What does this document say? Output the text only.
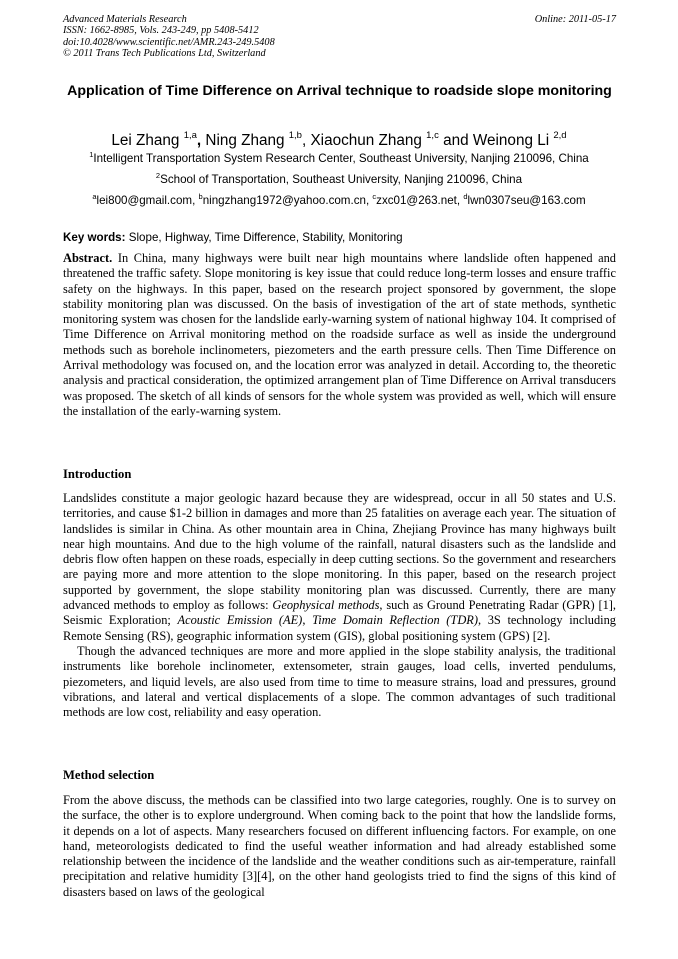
Advanced Materials Research
ISSN: 1662-8985, Vols. 243-249, pp 5408-5412
doi:10.4028/www.scientific.net/AMR.243-249.5408
© 2011 Trans Tech Publications Ltd, Switzerland
Online: 2011-05-17
Application of Time Difference on Arrival technique to roadside slope monitoring
Lei Zhang $^{1,a}$, Ning Zhang $^{1,b}$, Xiaochun Zhang $^{1,c}$ and Weinong Li $^{2,d}$
$^1$Intelligent Transportation System Research Center, Southeast University, Nanjing 210096, China
$^2$School of Transportation, Southeast University, Nanjing 210096, China
$^a$lei800@gmail.com, $^b$ningzhang1972@yahoo.com.cn, $^c$zxc01@263.net, $^d$lwn0307seu@163.com
Key words: Slope, Highway, Time Difference, Stability, Monitoring

Abstract. In China, many highways were built near high mountains where landslide often happened and threatened the traffic safety. Slope monitoring is key issue that could reduce long-term losses and ensure traffic safety on the highways. In this paper, based on the research project sponsored by government, the slope stability monitoring plan was discussed. On the basis of investigation of the art of state methods, synthetic monitoring system was chosen for the landslide early-warning system of national highway 104. It comprised of Time Difference on Arrival monitoring method on the roadside surface as well as inside the underground methods such as borehole inclinometers, piezometers and the earth pressure cells. Then Time Difference on Arrival methodology was focused on, and the location error was analyzed in detail. According to, the theoretic analysis and practical consideration, the optimized arrangement plan of Time Difference on Arrival transducers was proposed. The sketch of all kinds of sensors for the whole system was provided as well, which will ensure the installation of the early-warning system.

Introduction

Landslides constitute a major geologic hazard because they are widespread, occur in all 50 states and U.S. territories, and cause $1-2 billion in damages and more than 25 fatalities on average each year. The situation of landslides is similar in China. As other mountain area in China, Zhejiang Province has many highways built near high mountains. And due to the high volume of the rainfall, natural disasters such as the landslide and debris flow often happen on these roads, especially in deep cutting sections. So the government and researchers are paying more and more attention to the slope monitoring. In this paper, based on the research project supported by government, the slope stability monitoring plan was discussed. Currently, there are many advanced methods to employ as follows: Geophysical methods, such as Ground Penetrating Radar (GPR) [1], Seismic Exploration; Acoustic Emission (AE), Time Domain Reflection (TDR), 3S technology including Remote Sensing (RS), geographic information system (GIS), global positioning system (GPS) [2].

Though the advanced techniques are more and more applied in the slope stability analysis, the traditional instruments like borehole inclinometer, extensometer, strain gauges, load cells, inverted pendulums, piezometers, and liquid levels, are also used from time to time to measure strains, load and pressures, ground vibrations, and lateral and vertical displacements of a slope. The common advantages of such traditional methods are low cost, reliability and easy operation.

Method selection

From the above discuss, the methods can be classified into two large categories, roughly. One is to survey on the surface, the other is to explore underground. When coming back to the point that how the landslide forms, it depends on a lot of aspects. Many researchers focused on different influencing factors. For example, on one hand, meteorologists dedicated to find the useful weather information and had already established some relationship between the incidence of the landslide and the weather conditions such as air-temperature, rainfall precipitation and relative humidity [3][4], on the other hand geologists tried to find the signs of this kind of disasters based on laws of the geological
